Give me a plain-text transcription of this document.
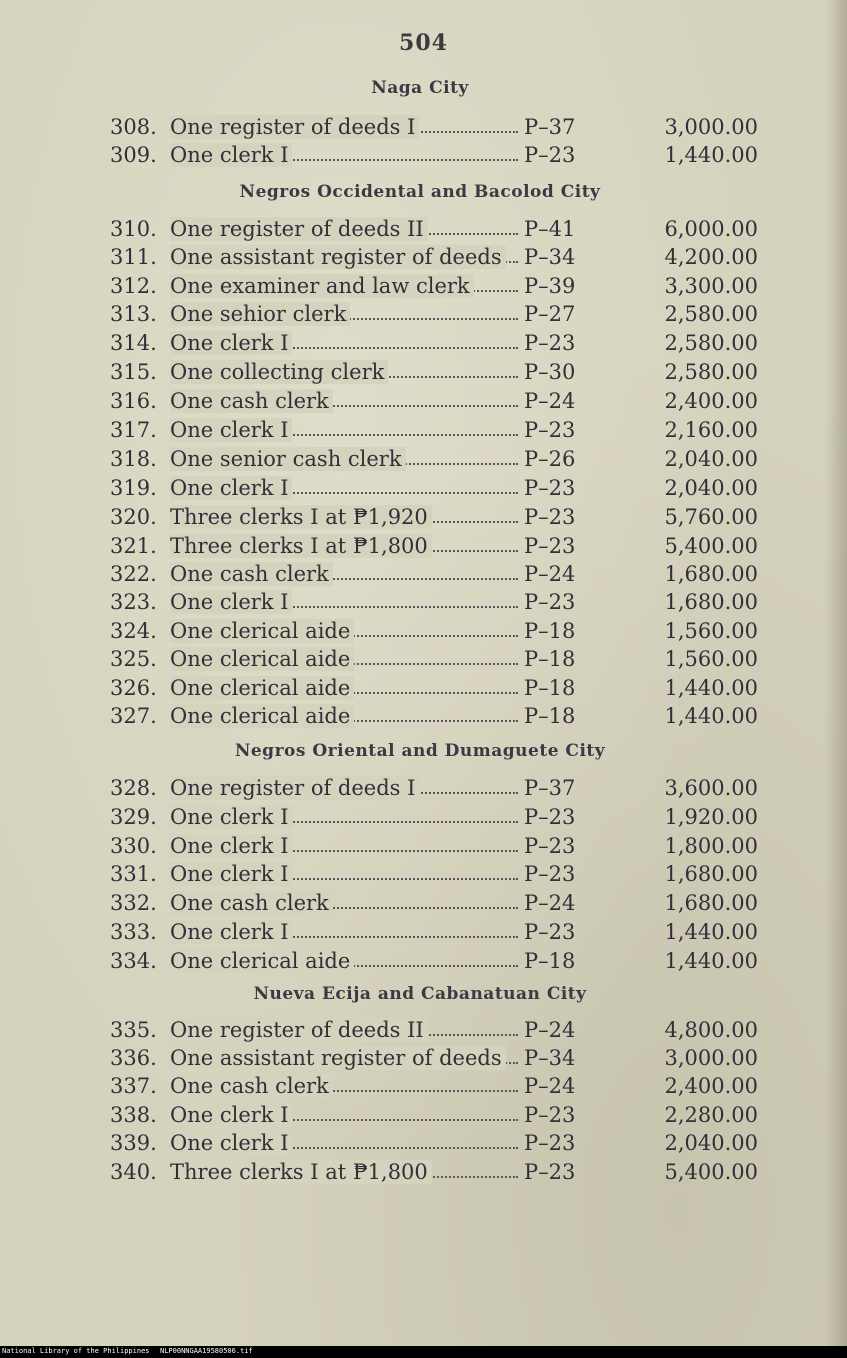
504
Naga City
308. One register of deeds I	P–37	3,000.00
309. One clerk I	P–23	1,440.00
Negros Occidental and Bacolod City
310. One register of deeds II	P–41	6,000.00
311. One assistant register of deeds	P–34	4,200.00
312. One examiner and law clerk	P–39	3,300.00
313. One sehior clerk	P–27	2,580.00
314. One clerk I	P–23	2,580.00
315. One collecting clerk	P–30	2,580.00
316. One cash clerk	P–24	2,400.00
317. One clerk I	P–23	2,160.00
318. One senior cash clerk	P–26	2,040.00
319. One clerk I	P–23	2,040.00
320. Three clerks I at ₱1,920	P–23	5,760.00
321. Three clerks I at ₱1,800	P–23	5,400.00
322. One cash clerk	P–24	1,680.00
323. One clerk I	P–23	1,680.00
324. One clerical aide	P–18	1,560.00
325. One clerical aide	P–18	1,560.00
326. One clerical aide	P–18	1,440.00
327. One clerical aide	P–18	1,440.00
Negros Oriental and Dumaguete City
328. One register of deeds I	P–37	3,600.00
329. One clerk I	P–23	1,920.00
330. One clerk I	P–23	1,800.00
331. One clerk I	P–23	1,680.00
332. One cash clerk	P–24	1,680.00
333. One clerk I	P–23	1,440.00
334. One clerical aide	P–18	1,440.00
Nueva Ecija and Cabanatuan City
335. One register of deeds II	P–24	4,800.00
336. One assistant register of deeds	P–34	3,000.00
337. One cash clerk	P–24	2,400.00
338. One clerk I	P–23	2,280.00
339. One clerk I	P–23	2,040.00
340. Three clerks I at ₱1,800	P–23	5,400.00
National Library of the Philippines NLP00NNGAA19580506.tif
